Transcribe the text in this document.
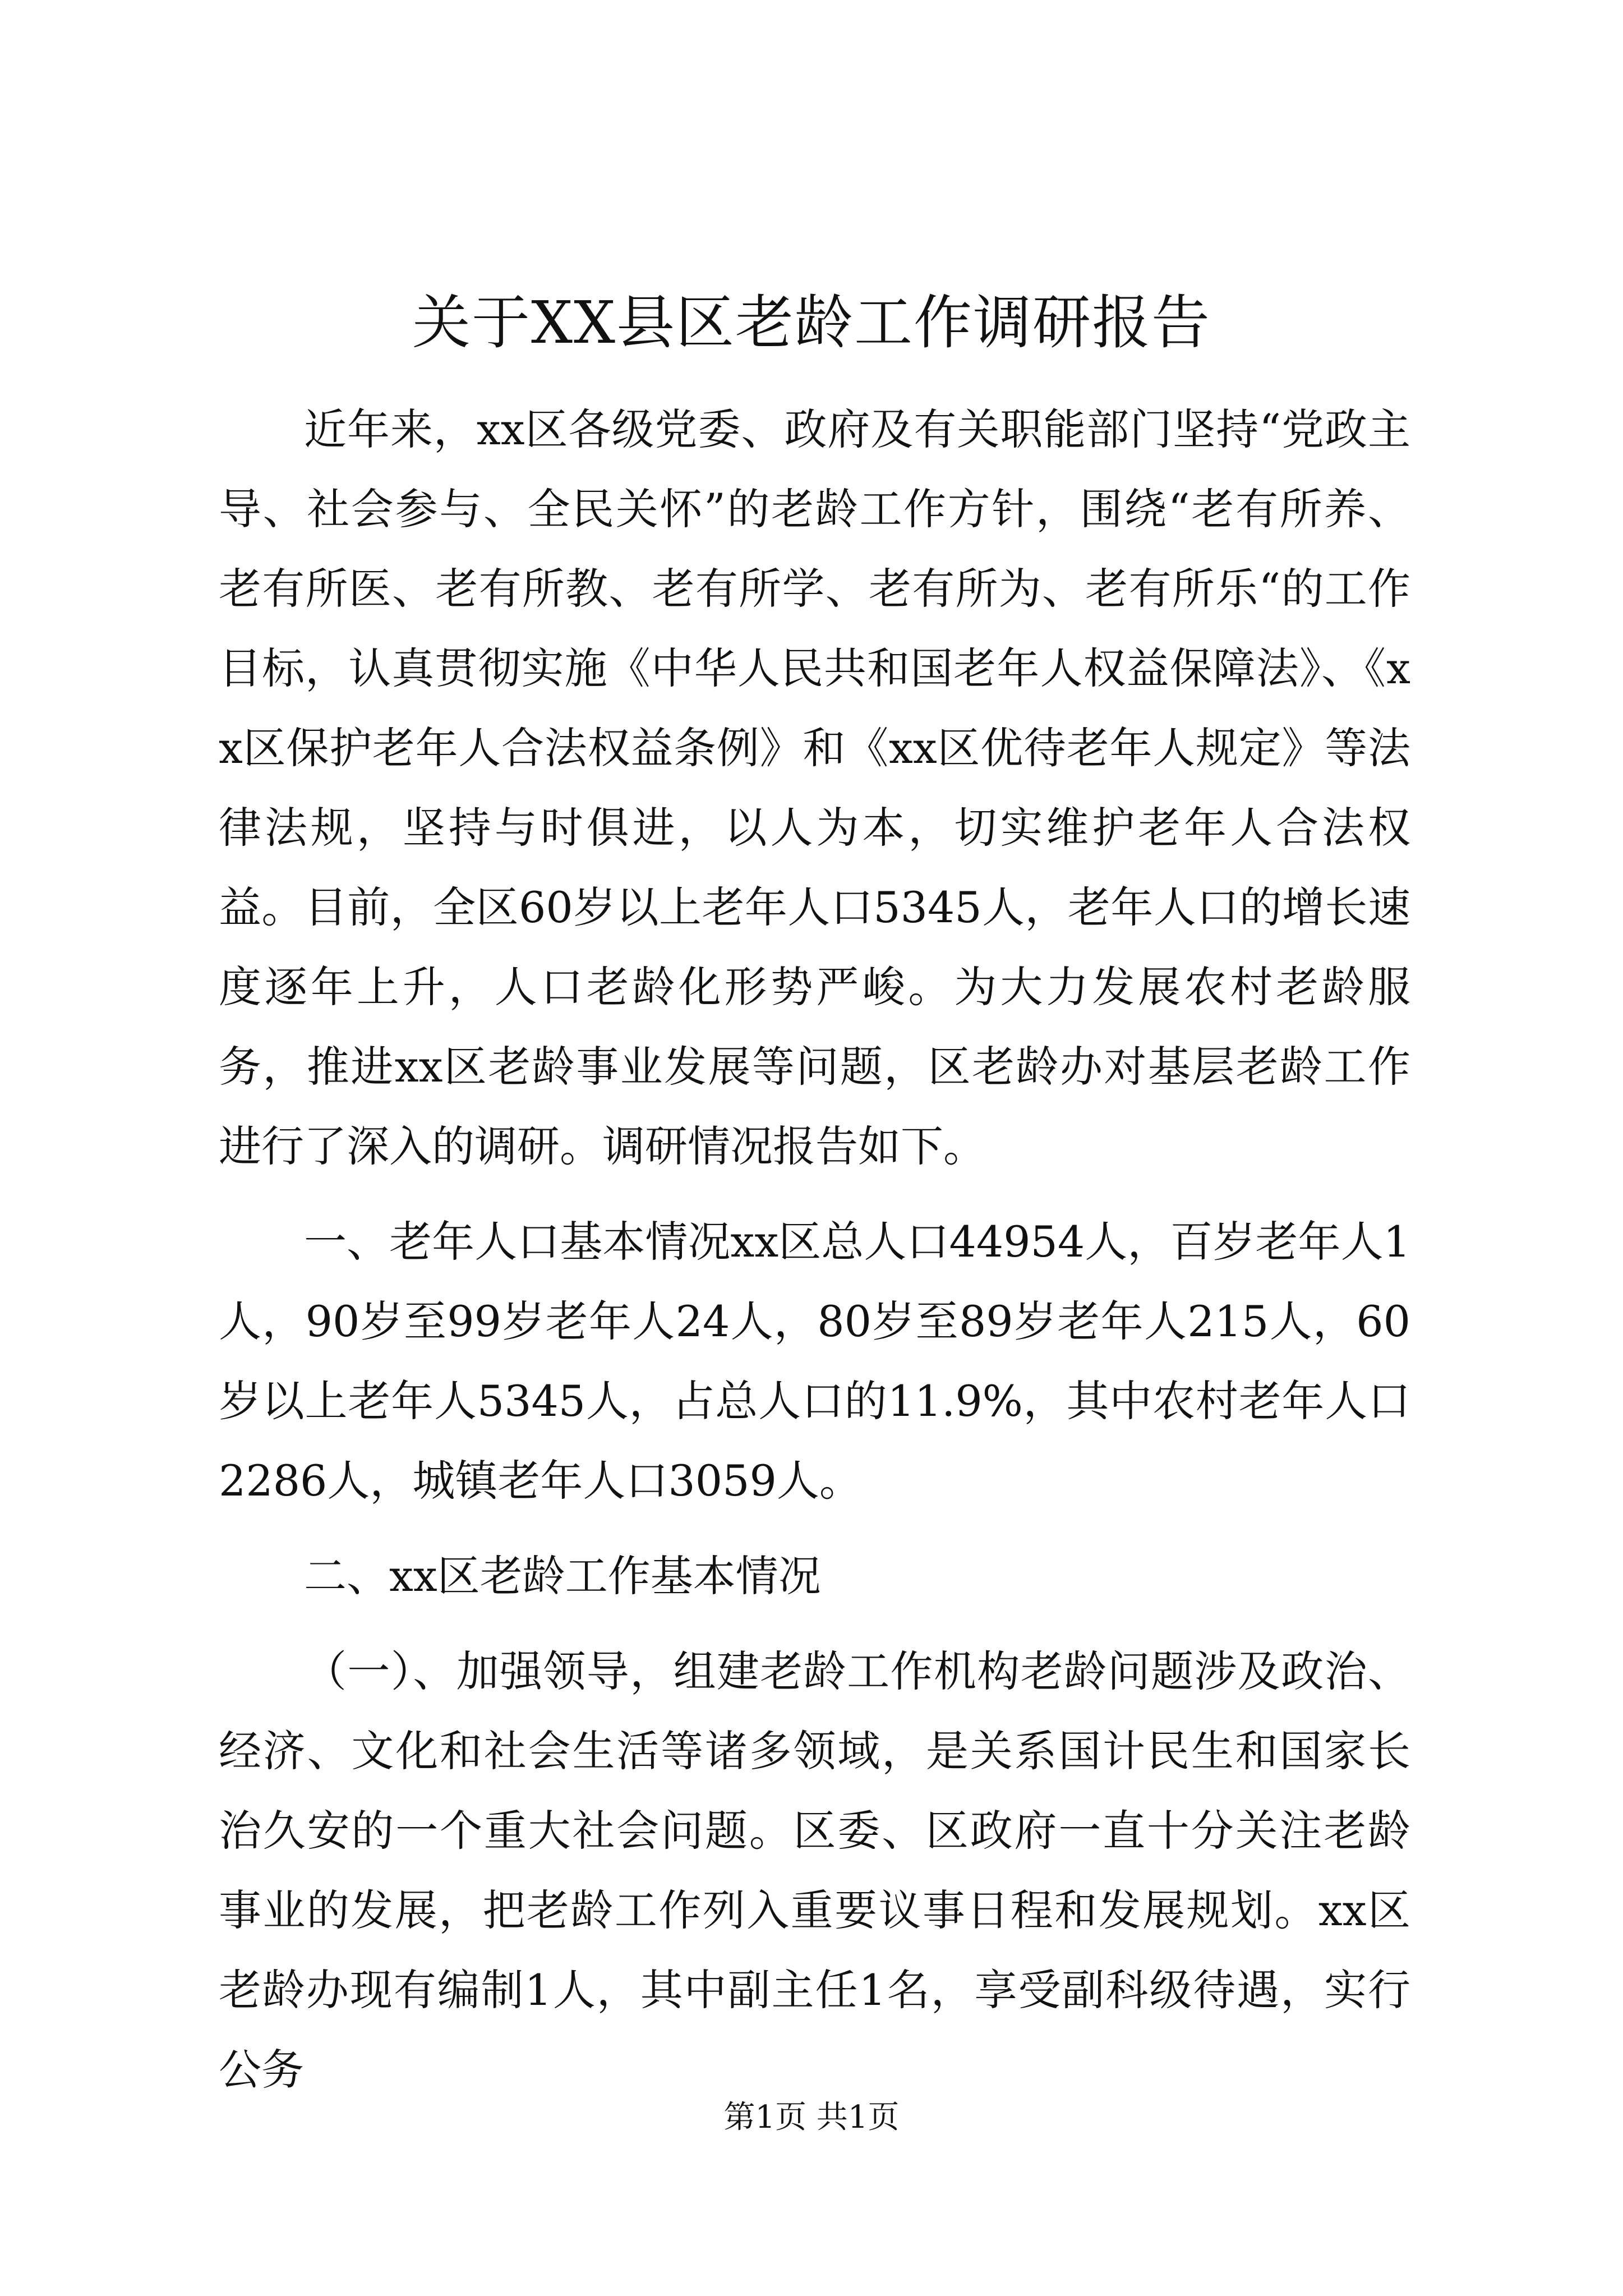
关于XX县区老龄工作调研报告

近年来，xx区各级党委、政府及有关职能部门坚持“党政主导、社会参与、全民关怀”的老龄工作方针，围绕“老有所养、老有所医、老有所教、老有所学、老有所为、老有所乐“的工作目标，认真贯彻实施《中华人民共和国老年人权益保障法》、《xx区保护老年人合法权益条例》和《xx区优待老年人规定》等法律法规，坚持与时俱进，以人为本，切实维护老年人合法权益。目前，全区60岁以上老年人口5345人，老年人口的增长速度逐年上升，人口老龄化形势严峻。为大力发展农村老龄服务，推进xx区老龄事业发展等问题，区老龄办对基层老龄工作进行了深入的调研。调研情况报告如下。

一、老年人口基本情况xx区总人口44954人，百岁老年人1人，90岁至99岁老年人24人，80岁至89岁老年人215人，60岁以上老年人5345人，占总人口的11.9%，其中农村老年人口2286人，城镇老年人口3059人。

二、xx区老龄工作基本情况

（一）、加强领导，组建老龄工作机构老龄问题涉及政治、经济、文化和社会生活等诸多领域，是关系国计民生和国家长治久安的一个重大社会问题。区委、区政府一直十分关注老龄事业的发展，把老龄工作列入重要议事日程和发展规划。xx区老龄办现有编制1人，其中副主任1名，享受副科级待遇，实行公务

第1页 共1页
